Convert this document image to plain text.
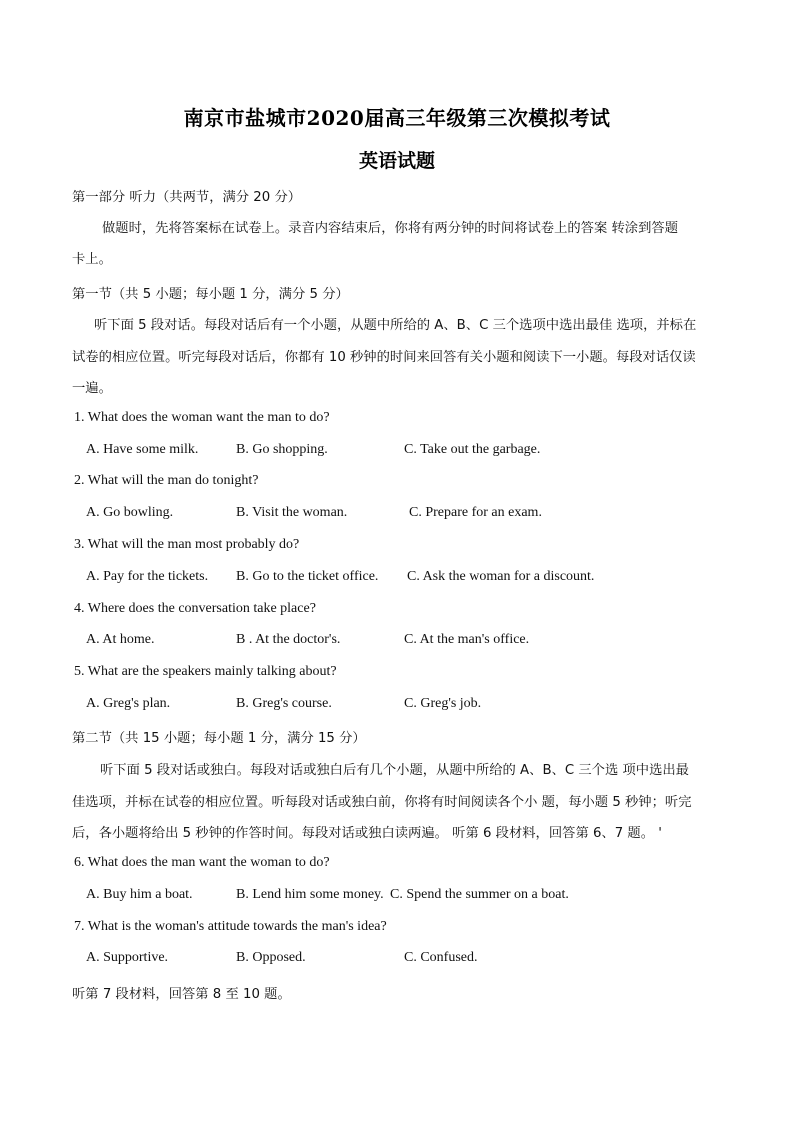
南京市盐城市2020届高三年级第三次模拟考试
英语试题
第一部分 听力（共两节，满分 20 分）
做题时，先将答案标在试卷上。录音内容结束后，你将有两分钟的时间将试卷上的答案 转涂到答题
卡上。
第一节（共 5 小题；每小题 1 分，满分 5 分）
听下面 5 段对话。每段对话后有一个小题，从题中所给的 A、B、C 三个选项中选出最佳 选项，并标在
试卷的相应位置。听完每段对话后，你都有 10 秒钟的时间来回答有关小题和阅读下一小题。每段对话仅读
一遍。
1. What does the woman want the man to do?
A. Have some milk.	B. Go shopping.	C. Take out the garbage.
2. What will the man do tonight?
A. Go bowling.	B. Visit the woman.	C. Prepare for an exam.
3. What will the man most probably do?
A. Pay for the tickets. B. Go to the ticket office. C. Ask the woman for a discount.
4. Where does the conversation take place?
A. At home.	B . At the doctor's.	C. At the man's office.
5. What are the speakers mainly talking about?
A. Greg's plan.	B. Greg's course.	C. Greg's job.
第二节（共 15 小题；每小题 1 分，满分 15 分）
听下面 5 段对话或独白。每段对话或独白后有几个小题，从题中所给的 A、B、C 三个选 项中选出最
佳选项，并标在试卷的相应位置。听每段对话或独白前，你将有时间阅读各个小 题，每小题 5 秒钟；听完
后，各小题将给出 5 秒钟的作答时间。每段对话或独白读两遍。 听第 6 段材料，回答第 6、7 题。 '
6. What does the man want the woman to do?
A. Buy him a boat.	B. Lend him some money. C. Spend the summer on a boat.
7. What is the woman's attitude towards the man's idea?
A. Supportive.	B. Opposed.	C. Confused.
听第 7 段材料，回答第 8 至 10 题。
